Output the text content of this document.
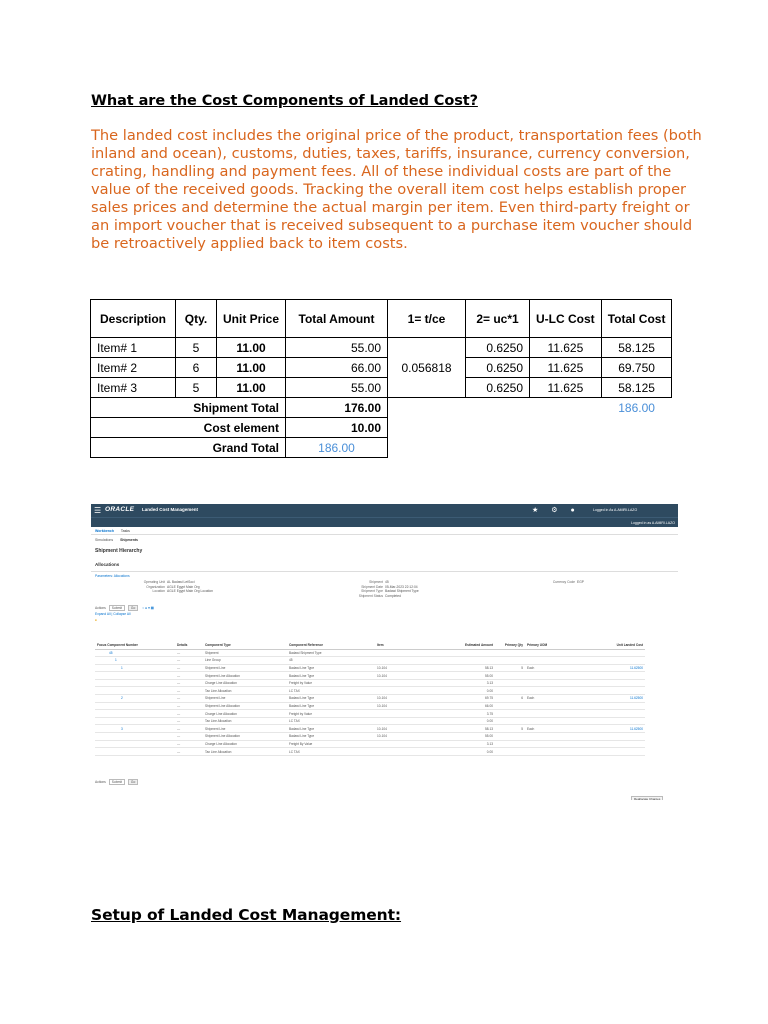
What are the Cost Components of Landed Cost?
The landed cost includes the original price of the product, transportation fees (both inland and ocean), customs, duties, taxes, tariffs, insurance, currency conversion, crating, handling and payment fees. All of these individual costs are part of the value of the received goods. Tracking the overall item cost helps establish proper sales prices and determine the actual margin per item. Even third-party freight or an import voucher that is received subsequent to a purchase item voucher should be retroactively applied back to item costs.
Description	Qty.	Unit Price	Total Amount	1= t/ce	2= uc*1	U-LC Cost	Total Cost
Item# 1	5	11.00	55.00	0.056818	0.6250	11.625	58.125
Item# 2	6	11.00	66.00		0.6250	11.625	69.750
Item# 3	5	11.00	55.00		0.6250	11.625	58.125
Shipment Total			176.00				186.00
Cost element			10.00				
Grand Total			186.00				
☰ ORACLE Landed Cost Management	★ ⚙ ●	Logged in As A.AMIRI.LAZO
Logged in as A.AMIRI.LAZO
Workbench Tasks
Simulations Shipments
Shipment Hierarchy
Allocations
Parameters: Allocations
Operating Unit AL Badawi LetSoci
Organization AGLE Egypt Main Org
Location AGLE Egypt Main Org Location
Shipment 45
Shipment Date 05-Mar-2023 22:12:04
Shipment Type Badawi Shipment Type
Shipment Status Completed
Currency Code EGP
Actions Submit	Go ○ ● ▾ ▦
Expand All | Collapse All
●
Focus Component Number	Details	Component Type	Component Reference	Item	Estimated Amount	Primary Qty	Primary UOM	Unit Landed Cost
45	---	Shipment	Badawi Shipment Type					
1	---	Line Group	45					
1	---	Shipment Line	Badawi Line Type	10-104	58.13	5	Each	11.62500
	---	Shipment Line Allocation	Badawi Line Type	10-104	55.00			
	---	Charge Line Allocation	Freight by Value		3.13			
	---	Tax Line Allocation	LC TAX		0.00			
2	---	Shipment Line	Badawi Line Type	10-104	69.75	6	Each	11.62500
	---	Shipment Line Allocation	Badawi Line Type	10-104	66.00			
	---	Charge Line Allocation	Freight by Value		3.75			
	---	Tax Line Allocation	LC TAX		0.00			
3	---	Shipment Line	Badawi Line Type	10-104	58.13	5	Each	11.62500
	---	Shipment Line Allocation	Badawi Line Type	10-104	55.00			
	---	Charge Line Allocation	Freight By Value		3.13			
	---	Tax Line Allocation	LC TAX		0.00			
Actions Submit	Go
Reallocate Charges
Setup of Landed Cost Management:
